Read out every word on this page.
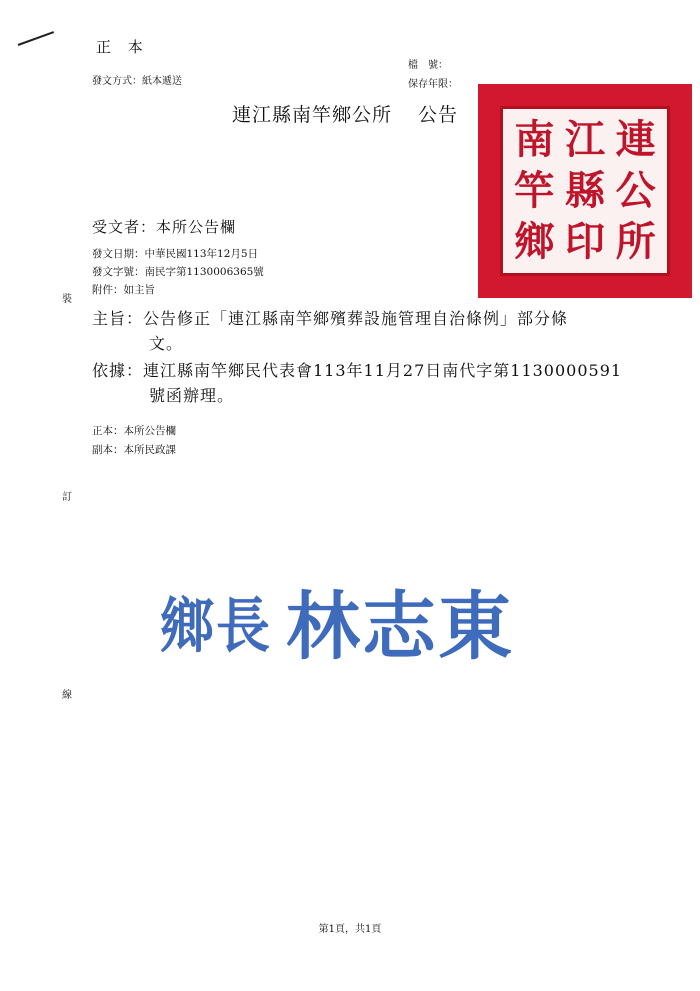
正 本
發文方式：紙本遞送
檔　號：
保存年限：
連江縣南竿鄉公所 公告
南 江 連
竿 縣 公
鄉 印 所
受文者：本所公告欄
發文日期：中華民國113年12月5日
發文字號：南民字第1130006365號
附件：如主旨
裝
主旨：公告修正「連江縣南竿鄉殯葬設施管理自治條例」部分條
文。
依據：連江縣南竿鄉民代表會113年11月27日南代字第1130000591
號函辦理。
正本：本所公告欄
副本：本所民政課
訂
鄉長 林志東
線
第1頁，共1頁
